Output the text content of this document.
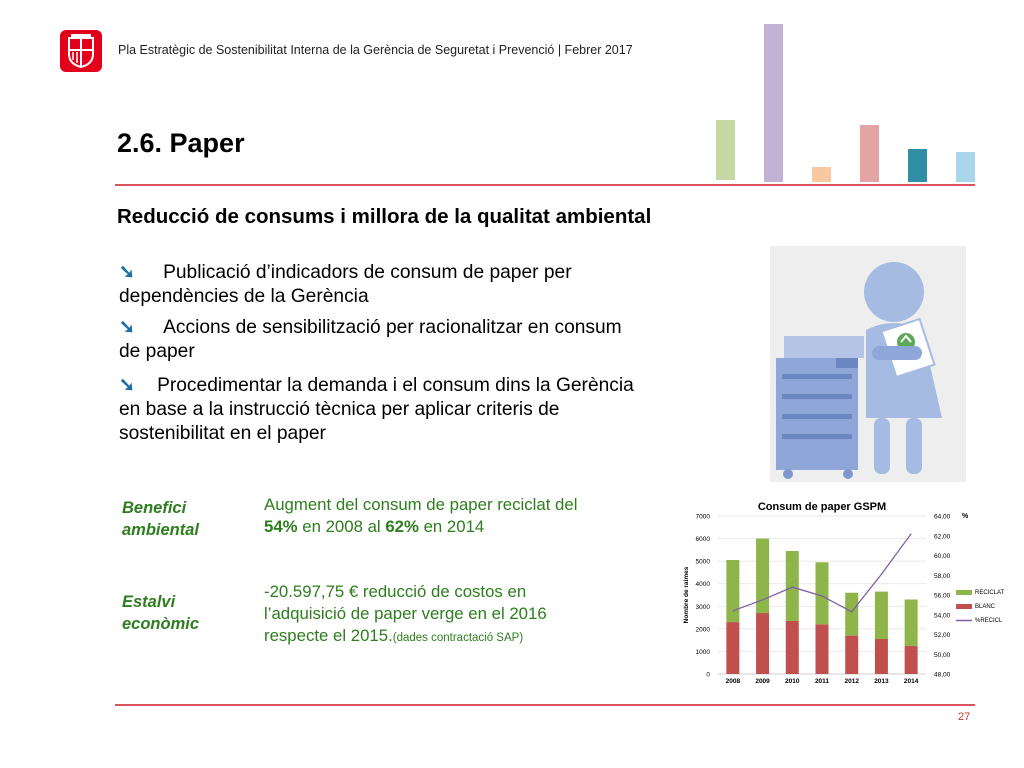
Pla Estratègic de Sostenibilitat Interna de la Gerència de Seguretat i Prevenció | Febrer 2017
2.6. Paper
Reducció de consums i millora de la qualitat ambiental
➘ Publicació d’indicadors de consum de paper per
dependències de la Gerència
➘ Accions de sensibilització per racionalitzar en consum
de paper
➘ Procedimentar la demanda i el consum dins la Gerència
en base a la instrucció tècnica per aplicar criteris de
sostenibilitat en el paper
Benefici
ambiental
Augment del consum de paper reciclat del
54% en 2008 al 62% en 2014
Estalvi
econòmic
-20.597,75 € reducció de costos en
l’adquisició de paper verge en el 2016
respecte el 2015.(dades contractació SAP)
Consum de paper GSPM
0
1000
2000
3000
4000
5000
6000
7000
48,00
50,00
52,00
54,00
56,00
58,00
60,00
62,00
64,00 %
Nombre de raimes
2008 2009 2010 2011 2012 2013 2014
RECICLAT
BLANC
%RECICL
27
